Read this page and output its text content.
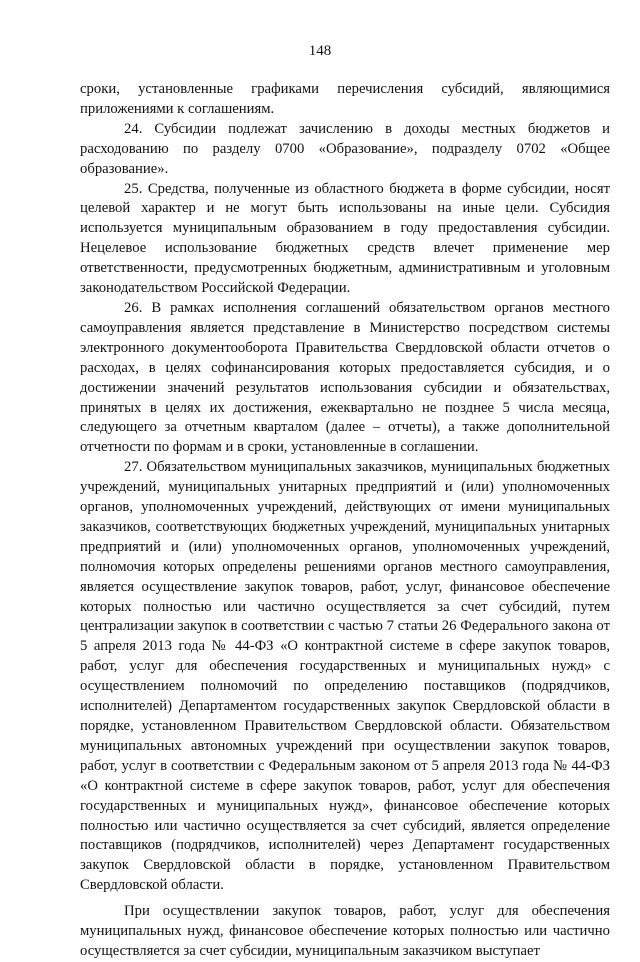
148

сроки, установленные графиками перечисления субсидий, являющимися приложениями к соглашениям.

24. Субсидии подлежат зачислению в доходы местных бюджетов и расходованию по разделу 0700 «Образование», подразделу 0702 «Общее образование».

25. Средства, полученные из областного бюджета в форме субсидии, носят целевой характер и не могут быть использованы на иные цели. Субсидия используется муниципальным образованием в году предоставления субсидии. Нецелевое использование бюджетных средств влечет применение мер ответственности, предусмотренных бюджетным, административным и уголовным законодательством Российской Федерации.

26. В рамках исполнения соглашений обязательством органов местного самоуправления является представление в Министерство посредством системы электронного документооборота Правительства Свердловской области отчетов о расходах, в целях софинансирования которых предоставляется субсидия, и о достижении значений результатов использования субсидии и обязательствах, принятых в целях их достижения, ежеквартально не позднее 5 числа месяца, следующего за отчетным кварталом (далее – отчеты), а также дополнительной отчетности по формам и в сроки, установленные в соглашении.

27. Обязательством муниципальных заказчиков, муниципальных бюджетных учреждений, муниципальных унитарных предприятий и (или) уполномоченных органов, уполномоченных учреждений, действующих от имени муниципальных заказчиков, соответствующих бюджетных учреждений, муниципальных унитарных предприятий и (или) уполномоченных органов, уполномоченных учреждений, полномочия которых определены решениями органов местного самоуправления, является осуществление закупок товаров, работ, услуг, финансовое обеспечение которых полностью или частично осуществляется за счет субсидий, путем централизации закупок в соответствии с частью 7 статьи 26 Федерального закона от 5 апреля 2013 года № 44-ФЗ «О контрактной системе в сфере закупок товаров, работ, услуг для обеспечения государственных и муниципальных нужд» с осуществлением полномочий по определению поставщиков (подрядчиков, исполнителей) Департаментом государственных закупок Свердловской области в порядке, установленном Правительством Свердловской области. Обязательством муниципальных автономных учреждений при осуществлении закупок товаров, работ, услуг в соответствии с Федеральным законом от 5 апреля 2013 года № 44-ФЗ «О контрактной системе в сфере закупок товаров, работ, услуг для обеспечения государственных и муниципальных нужд», финансовое обеспечение которых полностью или частично осуществляется за счет субсидий, является определение поставщиков (подрядчиков, исполнителей) через Департамент государственных закупок Свердловской области в порядке, установленном Правительством Свердловской области.

При осуществлении закупок товаров, работ, услуг для обеспечения муниципальных нужд, финансовое обеспечение которых полностью или частично осуществляется за счет субсидии, муниципальным заказчиком выступает
